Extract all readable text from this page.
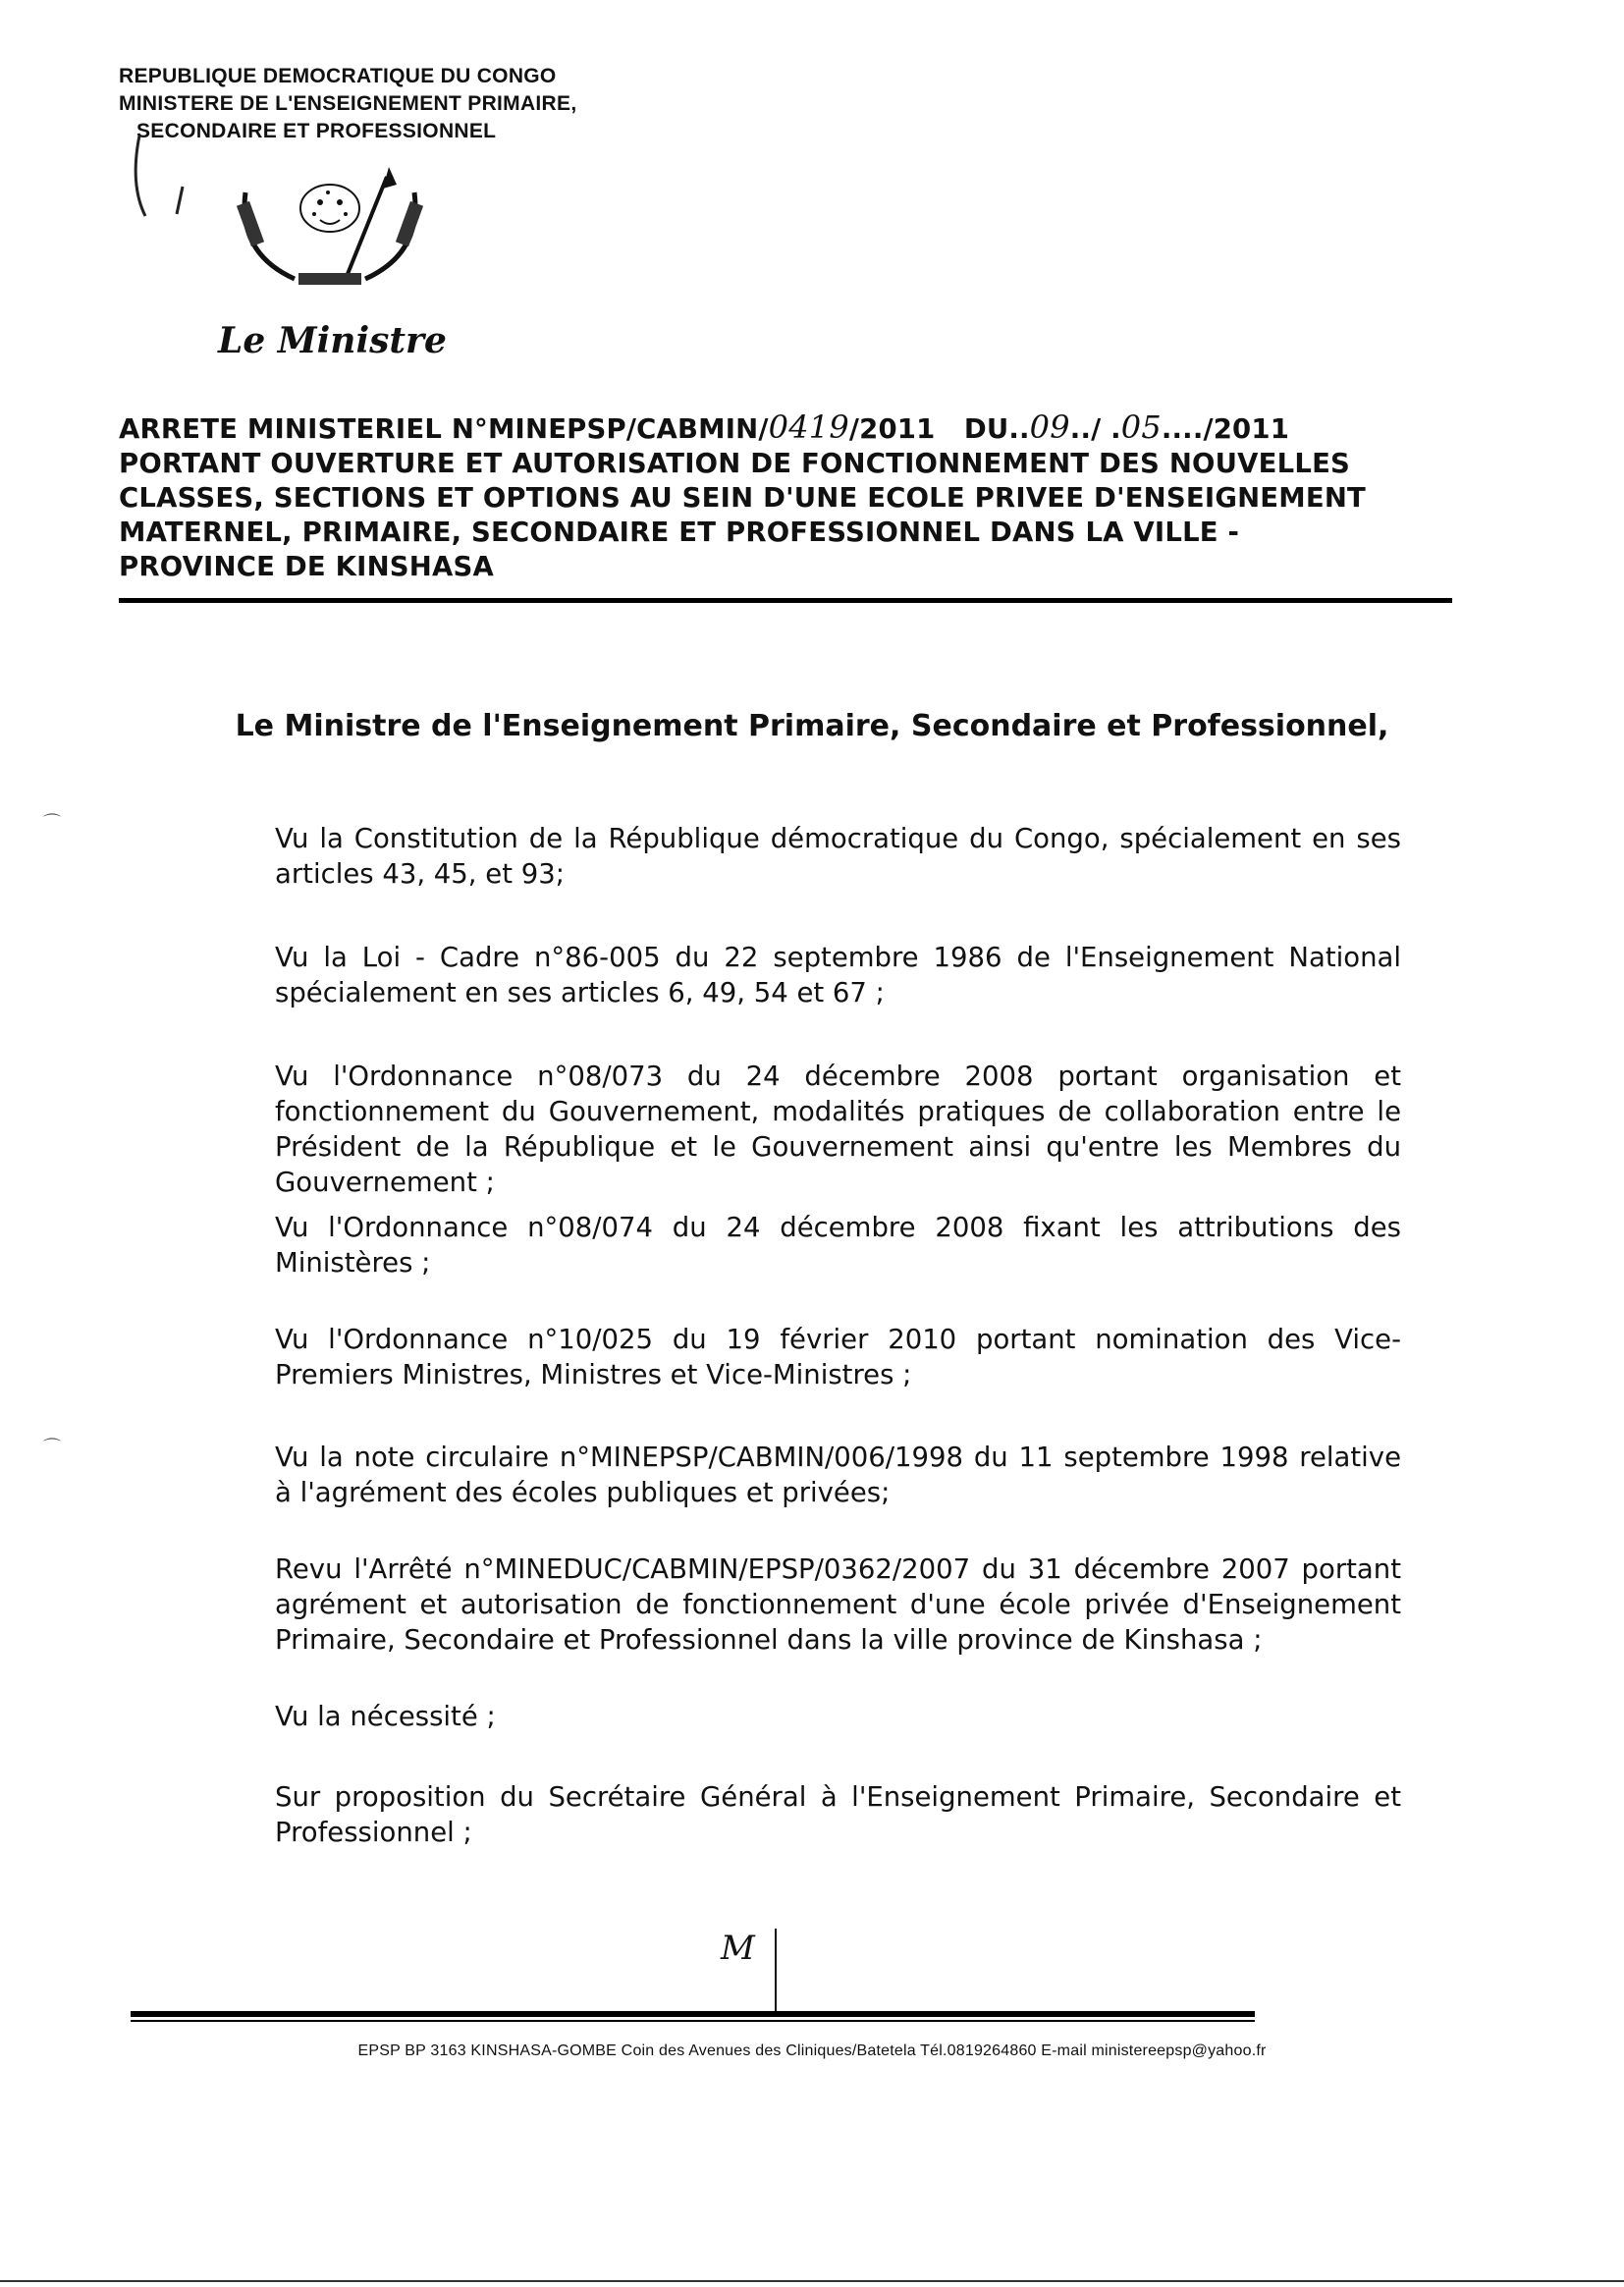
REPUBLIQUE DEMOCRATIQUE DU CONGO
MINISTERE DE L'ENSEIGNEMENT PRIMAIRE,
SECONDAIRE ET PROFESSIONNEL
Le Ministre
ARRETE MINISTERIEL N°MINEPSP/CABMIN/0419/2011 DU..09../ .05..../2011
PORTANT OUVERTURE ET AUTORISATION DE FONCTIONNEMENT DES NOUVELLES
CLASSES, SECTIONS ET OPTIONS AU SEIN D'UNE ECOLE PRIVEE D'ENSEIGNEMENT
MATERNEL, PRIMAIRE, SECONDAIRE ET PROFESSIONNEL DANS LA VILLE -
PROVINCE DE KINSHASA
Le Ministre de l'Enseignement Primaire, Secondaire et Professionnel,
⌒
⌒
Vu la Constitution de la République démocratique du Congo, spécialement en ses articles 43, 45, et 93;
Vu la Loi - Cadre n°86-005 du 22 septembre 1986 de l'Enseignement National spécialement en ses articles 6, 49, 54 et 67 ;
Vu l'Ordonnance n°08/073 du 24 décembre 2008 portant organisation et fonctionnement du Gouvernement, modalités pratiques de collaboration entre le Président de la République et le Gouvernement ainsi qu'entre les Membres du Gouvernement ;
Vu l'Ordonnance n°08/074 du 24 décembre 2008 fixant les attributions des Ministères ;
Vu l'Ordonnance n°10/025 du 19 février 2010 portant nomination des Vice-Premiers Ministres, Ministres et Vice-Ministres ;
Vu la note circulaire n°MINEPSP/CABMIN/006/1998 du 11 septembre 1998 relative à l'agrément des écoles publiques et privées;
Revu l'Arrêté n°MINEDUC/CABMIN/EPSP/0362/2007 du 31 décembre 2007 portant agrément et autorisation de fonctionnement d'une école privée d'Enseignement Primaire, Secondaire et Professionnel dans la ville province de Kinshasa ;
Vu la nécessité ;
Sur proposition du Secrétaire Général à l'Enseignement Primaire, Secondaire et Professionnel ;
M
EPSP BP 3163 KINSHASA-GOMBE Coin des Avenues des Cliniques/Batetela Tél.0819264860 E-mail ministereepsp@yahoo.fr
